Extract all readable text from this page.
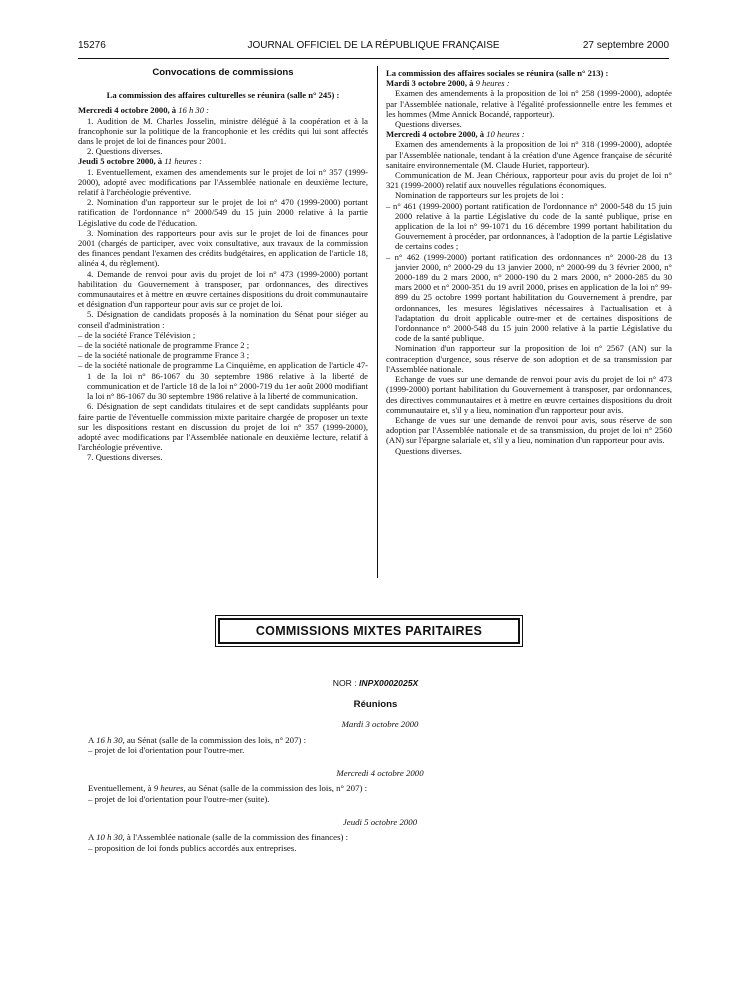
15276	JOURNAL OFFICIEL DE LA RÉPUBLIQUE FRANÇAISE	27 septembre 2000

Convocations de commissions

La commission des affaires culturelles se réunira (salle n° 245) :

Mercredi 4 octobre 2000, à 16 h 30 :

1. Audition de M. Charles Josselin, ministre délégué à la coopération et à la francophonie sur la politique de la francophonie et les crédits qui lui sont affectés dans le projet de loi de finances pour 2001.

2. Questions diverses.

Jeudi 5 octobre 2000, à 11 heures :

1. Eventuellement, examen des amendements sur le projet de loi n° 357 (1999-2000), adopté avec modifications par l'Assemblée nationale en deuxième lecture, relatif à l'archéologie préventive.

2. Nomination d'un rapporteur sur le projet de loi n° 470 (1999-2000) portant ratification de l'ordonnance n° 2000/549 du 15 juin 2000 relative à la partie Législative du code de l'éducation.

3. Nomination des rapporteurs pour avis sur le projet de loi de finances pour 2001 (chargés de participer, avec voix consultative, aux travaux de la commission des finances pendant l'examen des crédits budgétaires, en application de l'article 18, alinéa 4, du règlement).

4. Demande de renvoi pour avis du projet de loi n° 473 (1999-2000) portant habilitation du Gouvernement à transposer, par ordonnances, des directives communautaires et à mettre en œuvre certaines dispositions du droit communautaire et désignation d'un rapporteur pour avis sur ce projet de loi.

5. Désignation de candidats proposés à la nomination du Sénat pour siéger au conseil d'administration :

– de la société France Télévision ;

– de la société nationale de programme France 2 ;

– de la société nationale de programme France 3 ;

– de la société nationale de programme La Cinquième, en application de l'article 47-1 de la loi n° 86-1067 du 30 septembre 1986 relative à la liberté de communication et de l'article 18 de la loi n° 2000-719 du 1er août 2000 modifiant la loi n° 86-1067 du 30 septembre 1986 relative à la liberté de communication.

6. Désignation de sept candidats titulaires et de sept candidats suppléants pour faire partie de l'éventuelle commission mixte paritaire chargée de proposer un texte sur les dispositions restant en discussion du projet de loi n° 357 (1999-2000), adopté avec modifications par l'Assemblée nationale en deuxième lecture, relatif à l'archéologie préventive.

7. Questions diverses.

La commission des affaires sociales se réunira (salle n° 213) :

Mardi 3 octobre 2000, à 9 heures :

Examen des amendements à la proposition de loi n° 258 (1999-2000), adoptée par l'Assemblée nationale, relative à l'égalité professionnelle entre les femmes et les hommes (Mme Annick Bocandé, rapporteur).

Questions diverses.

Mercredi 4 octobre 2000, à 10 heures :

Examen des amendements à la proposition de loi n° 318 (1999-2000), adoptée par l'Assemblée nationale, tendant à la création d'une Agence française de sécurité sanitaire environnementale (M. Claude Huriet, rapporteur).

Communication de M. Jean Chérioux, rapporteur pour avis du projet de loi n° 321 (1999-2000) relatif aux nouvelles régulations économiques.

Nomination de rapporteurs sur les projets de loi :

– n° 461 (1999-2000) portant ratification de l'ordonnance n° 2000-548 du 15 juin 2000 relative à la partie Législative du code de la santé publique, prise en application de la loi n° 99-1071 du 16 décembre 1999 portant habilitation du Gouvernement à procéder, par ordonnances, à l'adoption de la partie Législative de certains codes ;

– n° 462 (1999-2000) portant ratification des ordonnances n° 2000-28 du 13 janvier 2000, n° 2000-29 du 13 janvier 2000, n° 2000-99 du 3 février 2000, n° 2000-189 du 2 mars 2000, n° 2000-190 du 2 mars 2000, n° 2000-285 du 30 mars 2000 et n° 2000-351 du 19 avril 2000, prises en application de la loi n° 99-899 du 25 octobre 1999 portant habilitation du Gouvernement à prendre, par ordonnances, les mesures législatives nécessaires à l'actualisation et à l'adaptation du droit applicable outre-mer et de certaines dispositions de l'ordonnance n° 2000-548 du 15 juin 2000 relative à la partie Législative du code de la santé publique.

Nomination d'un rapporteur sur la proposition de loi n° 2567 (AN) sur la contraception d'urgence, sous réserve de son adoption et de sa transmission par l'Assemblée nationale.

Echange de vues sur une demande de renvoi pour avis du projet de loi n° 473 (1999-2000) portant habilitation du Gouvernement à transposer, par ordonnances, des directives communautaires et à mettre en œuvre certaines dispositions du droit communautaire et, s'il y a lieu, nomination d'un rapporteur pour avis.

Echange de vues sur une demande de renvoi pour avis, sous réserve de son adoption par l'Assemblée nationale et de sa transmission, du projet de loi n° 2560 (AN) sur l'épargne salariale et, s'il y a lieu, nomination d'un rapporteur pour avis.

Questions diverses.

COMMISSIONS MIXTES PARITAIRES
NOR : INPX0002025X
Réunions

Mardi 3 octobre 2000

A 16 h 30, au Sénat (salle de la commission des lois, n° 207) :

– projet de loi d'orientation pour l'outre-mer.

Mercredi 4 octobre 2000

Eventuellement, à 9 heures, au Sénat (salle de la commission des lois, n° 207) :

– projet de loi d'orientation pour l'outre-mer (suite).

Jeudi 5 octobre 2000

A 10 h 30, à l'Assemblée nationale (salle de la commission des finances) :

– proposition de loi fonds publics accordés aux entreprises.
